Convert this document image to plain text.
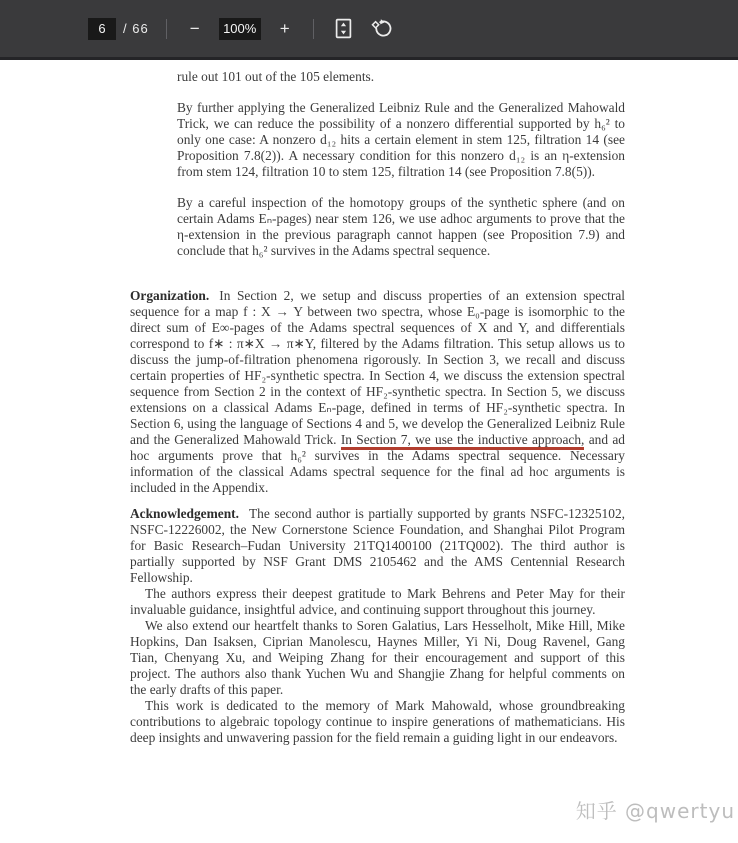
6
/ 66	−	100%	+

rule out 101 out of the 105 elements.

By further applying the Generalized Leibniz Rule and the Generalized Mahowald Trick, we can reduce the possibility of a nonzero differential supported by h₆² to only one case: A nonzero d₁₂ hits a certain element in stem 125, filtration 14 (see Proposition 7.8(2)). A necessary condition for this nonzero d₁₂ is an η-extension from stem 124, filtration 10 to stem 125, filtration 14 (see Proposition 7.8(5)).

By a careful inspection of the homotopy groups of the synthetic sphere (and on certain Adams Eₙ-pages) near stem 126, we use adhoc arguments to prove that the η-extension in the previous paragraph cannot happen (see Proposition 7.9) and conclude that h₆² survives in the Adams spectral sequence.

Organization. In Section 2, we setup and discuss properties of an extension spectral sequence for a map f : X → Y between two spectra, whose E₀-page is isomorphic to the direct sum of E∞-pages of the Adams spectral sequences of X and Y, and differentials correspond to f∗ : π∗X → π∗Y, filtered by the Adams filtration. This setup allows us to discuss the jump-of-filtration phenomena rigorously. In Section 3, we recall and discuss certain properties of HF₂-synthetic spectra. In Section 4, we discuss the extension spectral sequence from Section 2 in the context of HF₂-synthetic spectra. In Section 5, we discuss extensions on a classical Adams Eₙ-page, defined in terms of HF₂-synthetic spectra. In Section 6, using the language of Sections 4 and 5, we develop the Generalized Leibniz Rule and the Generalized Mahowald Trick. In Section 7, we use the inductive approach, and ad hoc arguments prove that h₆² survives in the Adams spectral sequence. Necessary information of the classical Adams spectral sequence for the final ad hoc arguments is included in the Appendix.

Acknowledgement. The second author is partially supported by grants NSFC-12325102, NSFC-12226002, the New Cornerstone Science Foundation, and Shanghai Pilot Program for Basic Research–Fudan University 21TQ1400100 (21TQ002). The third author is partially supported by NSF Grant DMS 2105462 and the AMS Centennial Research Fellowship.

The authors express their deepest gratitude to Mark Behrens and Peter May for their invaluable guidance, insightful advice, and continuing support throughout this journey.

We also extend our heartfelt thanks to Soren Galatius, Lars Hesselholt, Mike Hill, Mike Hopkins, Dan Isaksen, Ciprian Manolescu, Haynes Miller, Yi Ni, Doug Ravenel, Gang Tian, Chenyang Xu, and Weiping Zhang for their encouragement and support of this project. The authors also thank Yuchen Wu and Shangjie Zhang for helpful comments on the early drafts of this paper.

This work is dedicated to the memory of Mark Mahowald, whose groundbreaking contributions to algebraic topology continue to inspire generations of mathematicians. His deep insights and unwavering passion for the field remain a guiding light in our endeavors.

知乎 @qwertyu
